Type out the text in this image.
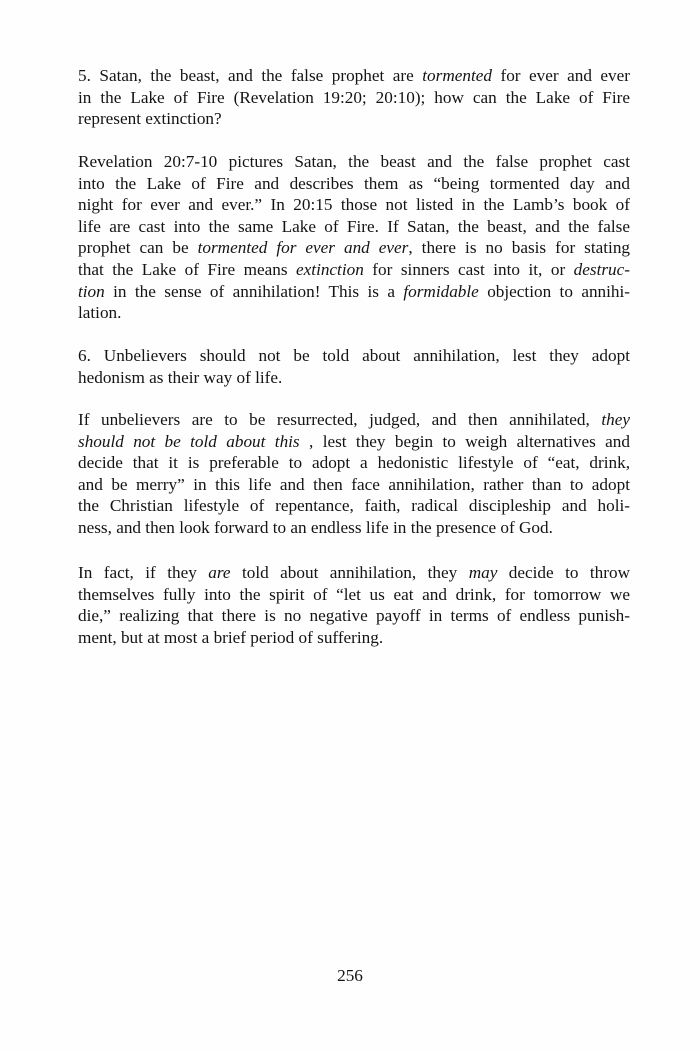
5. Satan, the beast, and the false prophet are tormented for ever and ever
in the Lake of Fire (Revelation 19:20; 20:10); how can the Lake of Fire
represent extinction?
Revelation 20:7-10 pictures Satan, the beast and the false prophet cast
into the Lake of Fire and describes them as “being tormented day and
night for ever and ever.” In 20:15 those not listed in the Lamb’s book of
life are cast into the same Lake of Fire. If Satan, the beast, and the false
prophet can be tormented for ever and ever, there is no basis for stating
that the Lake of Fire means extinction for sinners cast into it, or destruc-
tion in the sense of annihilation! This is a formidable objection to annihi-
lation.
6. Unbelievers should not be told about annihilation, lest they adopt
hedonism as their way of life.
If unbelievers are to be resurrected, judged, and then annihilated, they
should not be told about this , lest they begin to weigh alternatives and
decide that it is preferable to adopt a hedonistic lifestyle of “eat, drink,
and be merry” in this life and then face annihilation, rather than to adopt
the Christian lifestyle of repentance, faith, radical discipleship and holi-
ness, and then look forward to an endless life in the presence of God.
In fact, if they are told about annihilation, they may decide to throw
themselves fully into the spirit of “let us eat and drink, for tomorrow we
die,” realizing that there is no negative payoff in terms of endless punish-
ment, but at most a brief period of suffering.
256
